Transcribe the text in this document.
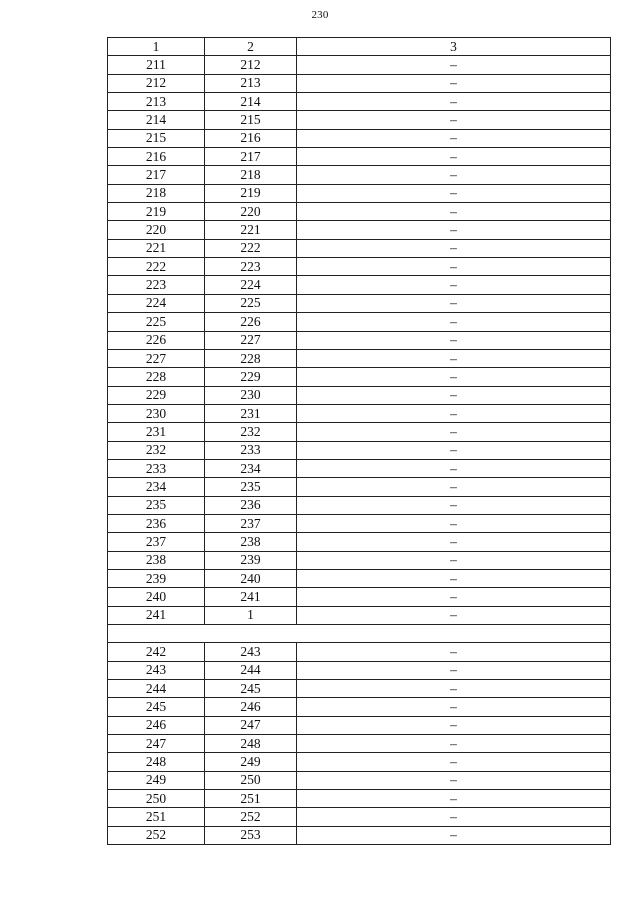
230
1	2	3
211	212	–
212	213	–
213	214	–
214	215	–
215	216	–
216	217	–
217	218	–
218	219	–
219	220	–
220	221	–
221	222	–
222	223	–
223	224	–
224	225	–
225	226	–
226	227	–
227	228	–
228	229	–
229	230	–
230	231	–
231	232	–
232	233	–
233	234	–
234	235	–
235	236	–
236	237	–
237	238	–
238	239	–
239	240	–
240	241	–
241	1	–

242	243	–
243	244	–
244	245	–
245	246	–
246	247	–
247	248	–
248	249	–
249	250	–
250	251	–
251	252	–
252	253	–
